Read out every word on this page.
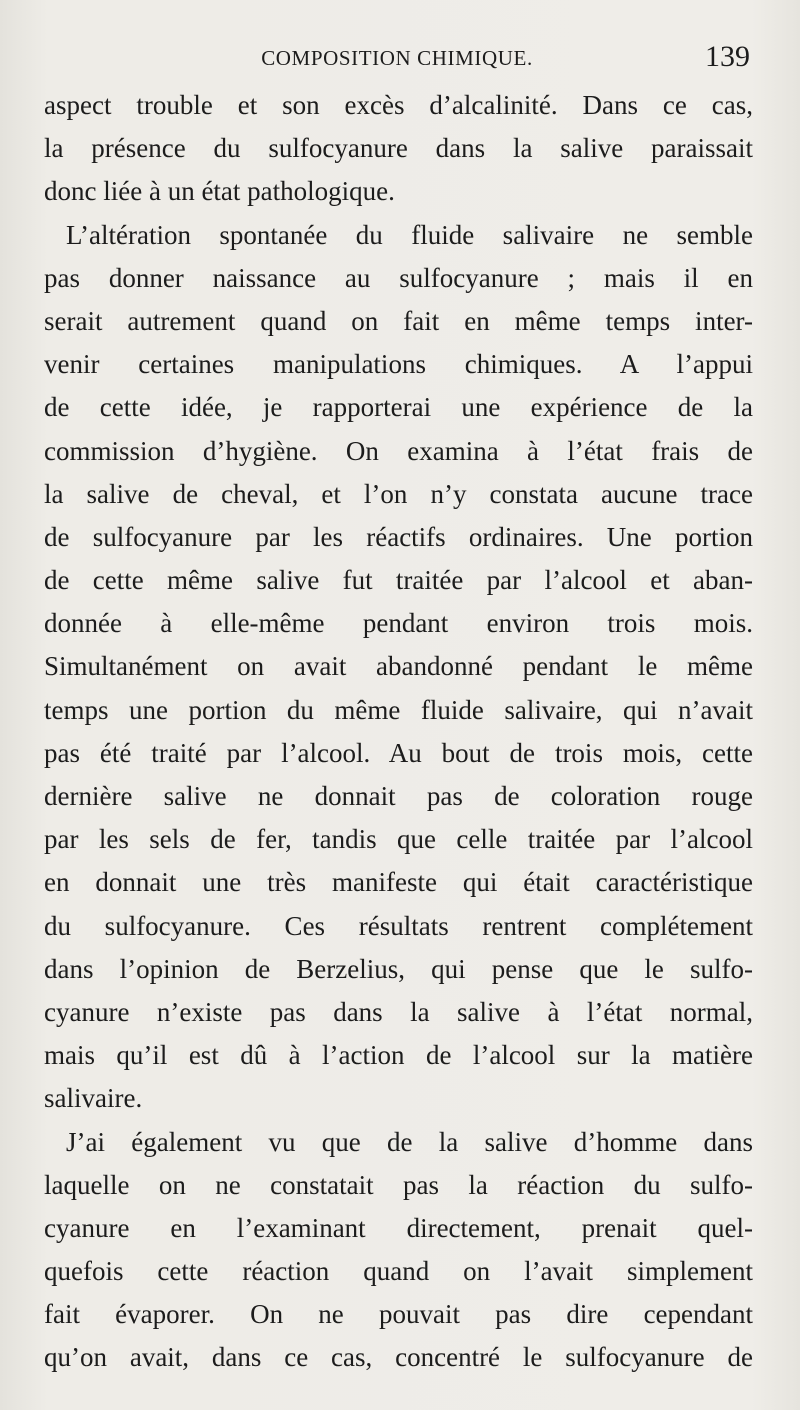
COMPOSITION CHIMIQUE.	139
aspect trouble et son excès d’alcalinité. Dans ce cas,
la présence du sulfocyanure dans la salive paraissait
donc liée à un état pathologique.
L’altération spontanée du fluide salivaire ne semble
pas donner naissance au sulfocyanure ; mais il en
serait autrement quand on fait en même temps inter-
venir certaines manipulations chimiques. A l’appui
de cette idée, je rapporterai une expérience de la
commission d’hygiène. On examina à l’état frais de
la salive de cheval, et l’on n’y constata aucune trace
de sulfocyanure par les réactifs ordinaires. Une portion
de cette même salive fut traitée par l’alcool et aban-
donnée à elle-même pendant environ trois mois.
Simultanément on avait abandonné pendant le même
temps une portion du même fluide salivaire, qui n’avait
pas été traité par l’alcool. Au bout de trois mois, cette
dernière salive ne donnait pas de coloration rouge
par les sels de fer, tandis que celle traitée par l’alcool
en donnait une très manifeste qui était caractéristique
du sulfocyanure. Ces résultats rentrent complétement
dans l’opinion de Berzelius, qui pense que le sulfo-
cyanure n’existe pas dans la salive à l’état normal,
mais qu’il est dû à l’action de l’alcool sur la matière
salivaire.
J’ai également vu que de la salive d’homme dans
laquelle on ne constatait pas la réaction du sulfo-
cyanure en l’examinant directement, prenait quel-
quefois cette réaction quand on l’avait simplement
fait évaporer. On ne pouvait pas dire cependant
qu’on avait, dans ce cas, concentré le sulfocyanure de
